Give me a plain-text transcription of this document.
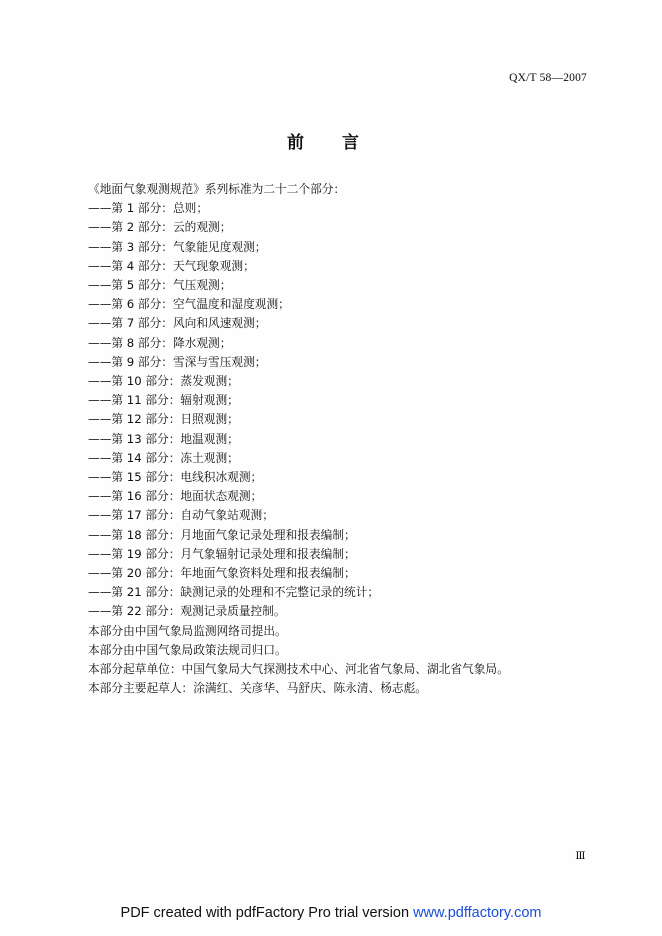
QX/T 58—2007
前 言

《地面气象观测规范》系列标准为二十二个部分：

——第 1 部分：总则；

——第 2 部分：云的观测；

——第 3 部分：气象能见度观测；

——第 4 部分：天气现象观测；

——第 5 部分：气压观测；

——第 6 部分：空气温度和湿度观测；

——第 7 部分：风向和风速观测；

——第 8 部分：降水观测；

——第 9 部分：雪深与雪压观测；

——第 10 部分：蒸发观测；

——第 11 部分：辐射观测；

——第 12 部分：日照观测；

——第 13 部分：地温观测；

——第 14 部分：冻土观测；

——第 15 部分：电线积冰观测；

——第 16 部分：地面状态观测；

——第 17 部分：自动气象站观测；

——第 18 部分：月地面气象记录处理和报表编制；

——第 19 部分：月气象辐射记录处理和报表编制；

——第 20 部分：年地面气象资料处理和报表编制；

——第 21 部分：缺测记录的处理和不完整记录的统计；

——第 22 部分：观测记录质量控制。

本部分由中国气象局监测网络司提出。

本部分由中国气象局政策法规司归口。

本部分起草单位：中国气象局大气探测技术中心、河北省气象局、湖北省气象局。

本部分主要起草人：涂满红、关彦华、马舒庆、陈永清、杨志彪。

Ⅲ
PDF created with pdfFactory Pro trial version www.pdffactory.com
